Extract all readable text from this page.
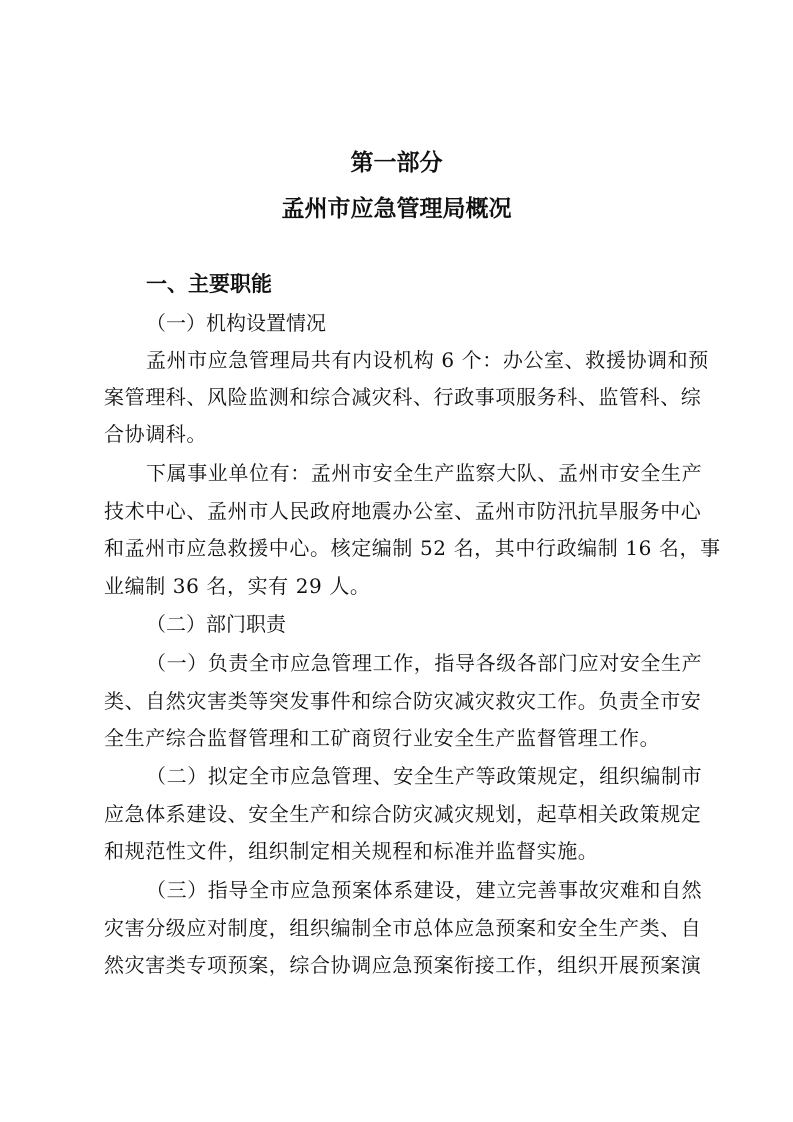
第一部分
孟州市应急管理局概况
一、主要职能
（一）机构设置情况
孟州市应急管理局共有内设机构 6 个：办公室、救援协调和预
案管理科、风险监测和综合减灾科、行政事项服务科、监管科、综
合协调科。
下属事业单位有：孟州市安全生产监察大队、孟州市安全生产
技术中心、孟州市人民政府地震办公室、孟州市防汛抗旱服务中心
和孟州市应急救援中心。核定编制 52 名，其中行政编制 16 名，事
业编制 36 名，实有 29 人。
（二）部门职责
（一）负责全市应急管理工作，指导各级各部门应对安全生产
类、自然灾害类等突发事件和综合防灾减灾救灾工作。负责全市安
全生产综合监督管理和工矿商贸行业安全生产监督管理工作。
（二）拟定全市应急管理、安全生产等政策规定，组织编制市
应急体系建设、安全生产和综合防灾减灾规划，起草相关政策规定
和规范性文件，组织制定相关规程和标准并监督实施。
（三）指导全市应急预案体系建设，建立完善事故灾难和自然
灾害分级应对制度，组织编制全市总体应急预案和安全生产类、自
然灾害类专项预案，综合协调应急预案衔接工作，组织开展预案演
